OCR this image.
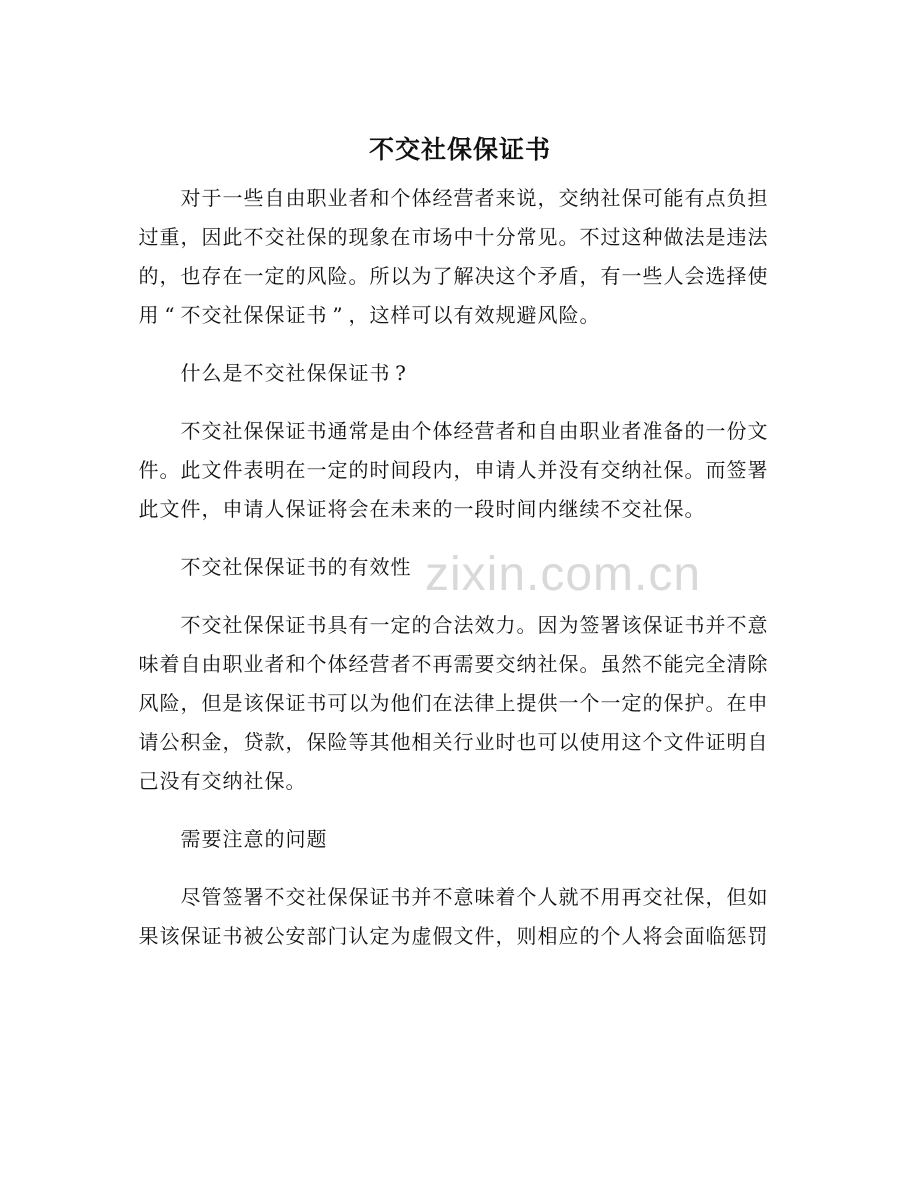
不交社保保证书
zixin.com.cn
对于一些自由职业者和个体经营者来说，交纳社保可能有点负担
过重，因此不交社保的现象在市场中十分常见。不过这种做法是违法
的，也存在一定的风险。所以为了解决这个矛盾，有一些人会选择使
用 “ 不交社保保证书 ” ，这样可以有效规避风险。
什么是不交社保保证书 ?
不交社保保证书通常是由个体经营者和自由职业者准备的一份文
件。此文件表明在一定的时间段内，申请人并没有交纳社保。而签署
此文件，申请人保证将会在未来的一段时间内继续不交社保。
不交社保保证书的有效性
不交社保保证书具有一定的合法效力。因为签署该保证书并不意
味着自由职业者和个体经营者不再需要交纳社保。虽然不能完全清除
风险，但是该保证书可以为他们在法律上提供一个一定的保护。在申
请公积金，贷款，保险等其他相关行业时也可以使用这个文件证明自
己没有交纳社保。
需要注意的问题
尽管签署不交社保保证书并不意味着个人就不用再交社保，但如
果该保证书被公安部门认定为虚假文件，则相应的个人将会面临惩罚
